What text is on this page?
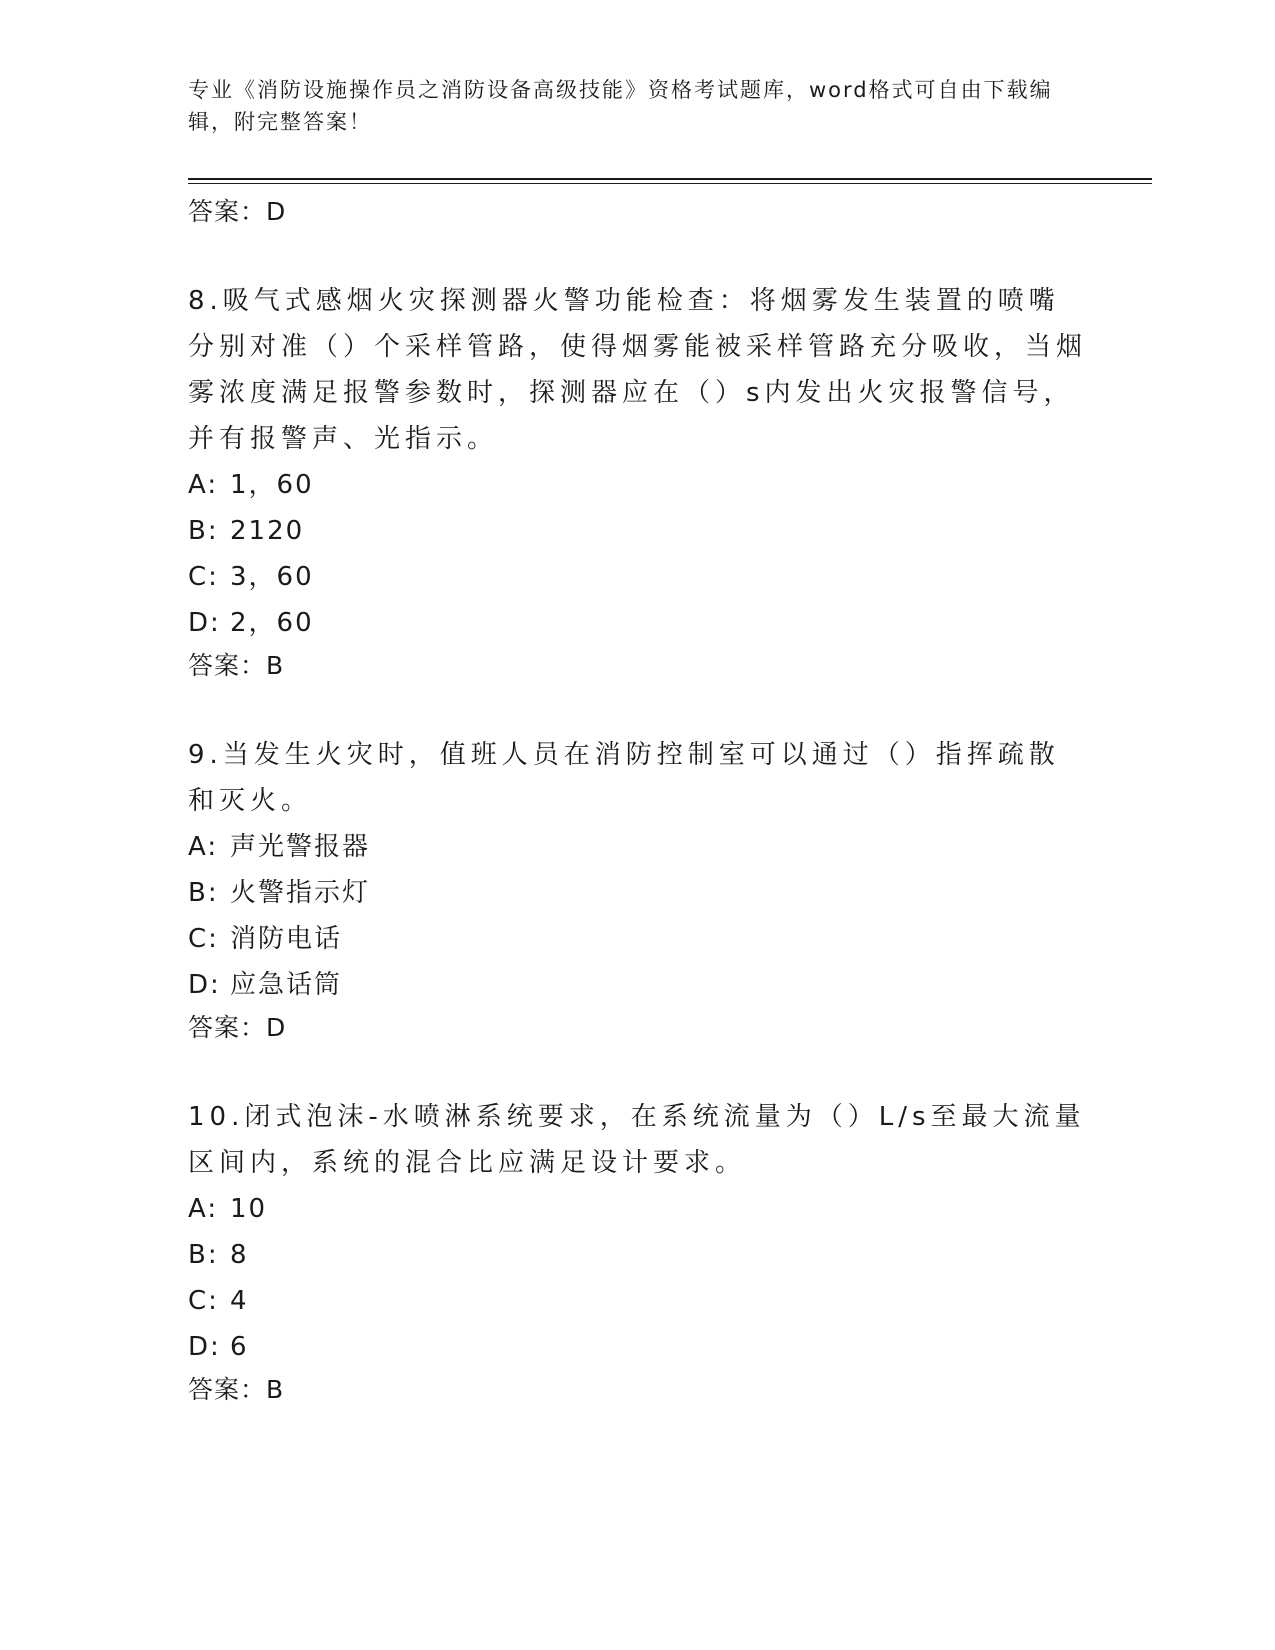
专业《消防设施操作员之消防设备高级技能》资格考试题库，word格式可自由下载编辑，附完整答案！
答案：D
8.吸气式感烟火灾探测器火警功能检查：将烟雾发生装置的喷嘴分别对准（）个采样管路，使得烟雾能被采样管路充分吸收，当烟雾浓度满足报警参数时，探测器应在（）s内发出火灾报警信号，并有报警声、光指示。
A: 1，60
B: 2120
C: 3，60
D: 2，60
答案：B
9.当发生火灾时，值班人员在消防控制室可以通过（）指挥疏散和灭火。
A: 声光警报器
B: 火警指示灯
C: 消防电话
D: 应急话筒
答案：D
10.闭式泡沫-水喷淋系统要求，在系统流量为（）L/s至最大流量区间内，系统的混合比应满足设计要求。
A: 10
B: 8
C: 4
D: 6
答案：B
